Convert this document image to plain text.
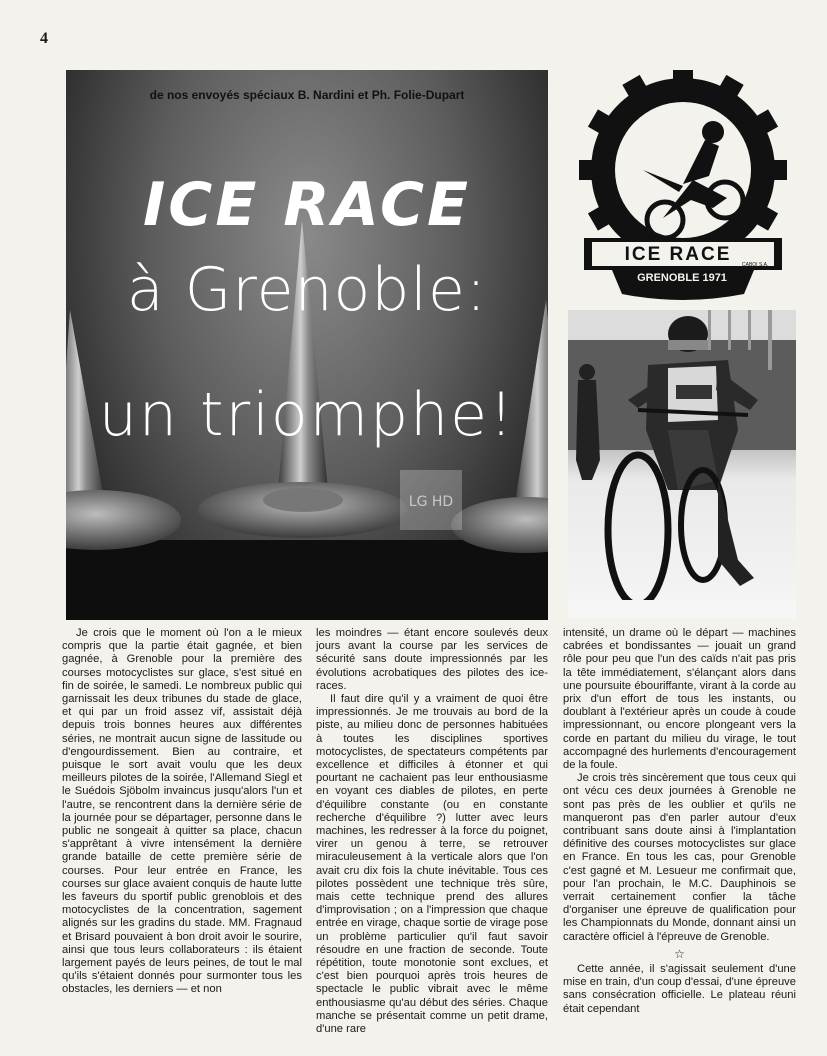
4
de nos envoyés spéciaux B. Nardini et Ph. Folie-Dupart
ICE RACE
à Grenoble:
un triomphe!
LG HD
ICE RACE	CABOI S.A.
GRENOBLE 1971

Je crois que le moment où l'on a le mieux compris que la partie était gagnée, et bien gagnée, à Grenoble pour la première des courses motocyclistes sur glace, s'est situé en fin de soirée, le samedi. Le nombreux public qui garnissait les deux tribunes du stade de glace, et qui par un froid assez vif, assistait déjà depuis trois bonnes heures aux différentes séries, ne montrait aucun signe de lassitude ou d'engourdissement. Bien au contraire, et puisque le sort avait voulu que les deux meilleurs pilotes de la soirée, l'Allemand Siegl et le Suédois Sjöbolm invaincus jusqu'alors l'un et l'autre, se rencontrent dans la dernière série de la journée pour se départager, personne dans le public ne songeait à quitter sa place, chacun s'apprêtant à vivre intensément la dernière grande bataille de cette première série de courses. Pour leur entrée en France, les courses sur glace avaient conquis de haute lutte les faveurs du sportif public grenoblois et des motocyclistes de la concentration, sagement alignés sur les gradins du stade. MM. Fragnaud et Brisard pouvaient à bon droit avoir le sourire, ainsi que tous leurs collaborateurs : ils étaient largement payés de leurs peines, de tout le mal qu'ils s'étaient donnés pour surmonter tous les obstacles, les derniers — et non

les moindres — étant encore soulevés deux jours avant la course par les services de sécurité sans doute impressionnés par les évolutions acrobatiques des pilotes des ice-races.

Il faut dire qu'il y a vraiment de quoi être impressionnés. Je me trouvais au bord de la piste, au milieu donc de personnes habituées à toutes les disciplines sportives motocyclistes, de spectateurs compétents par excellence et difficiles à étonner et qui pourtant ne cachaient pas leur enthousiasme en voyant ces diables de pilotes, en perte d'équilibre constante (ou en constante recherche d'équilibre ?) lutter avec leurs machines, les redresser à la force du poignet, virer un genou à terre, se retrouver miraculeusement à la verticale alors que l'on avait cru dix fois la chute inévitable. Tous ces pilotes possèdent une technique très sûre, mais cette technique prend des allures d'improvisation ; on a l'impression que chaque entrée en virage, chaque sortie de virage pose un problème particulier qu'il faut savoir résoudre en une fraction de seconde. Toute répétition, toute monotonie sont exclues, et c'est bien pourquoi après trois heures de spectacle le public vibrait avec le même enthousiasme qu'au début des séries. Chaque manche se présentait comme un petit drame, d'une rare

intensité, un drame où le départ — machines cabrées et bondissantes — jouait un grand rôle pour peu que l'un des caïds n'ait pas pris la tête immédiatement, s'élançant alors dans une poursuite ébouriffante, virant à la corde au prix d'un effort de tous les instants, ou doublant à l'extérieur après un coude à coude impressionnant, ou encore plongeant vers la corde en partant du milieu du virage, le tout accompagné des hurlements d'encouragement de la foule.

Je crois très sincèrement que tous ceux qui ont vécu ces deux journées à Grenoble ne sont pas près de les oublier et qu'ils ne manqueront pas d'en parler autour d'eux contribuant sans doute ainsi à l'implantation définitive des courses motocyclistes sur glace en France. En tous les cas, pour Grenoble c'est gagné et M. Lesueur me confirmait que, pour l'an prochain, le M.C. Dauphinois se verrait certainement confier la tâche d'organiser une épreuve de qualification pour les Championnats du Monde, donnant ainsi un caractère officiel à l'épreuve de Grenoble.

☆

Cette année, il s'agissait seulement d'une mise en train, d'un coup d'essai, d'une épreuve sans consécration officielle. Le plateau réuni était cependant
